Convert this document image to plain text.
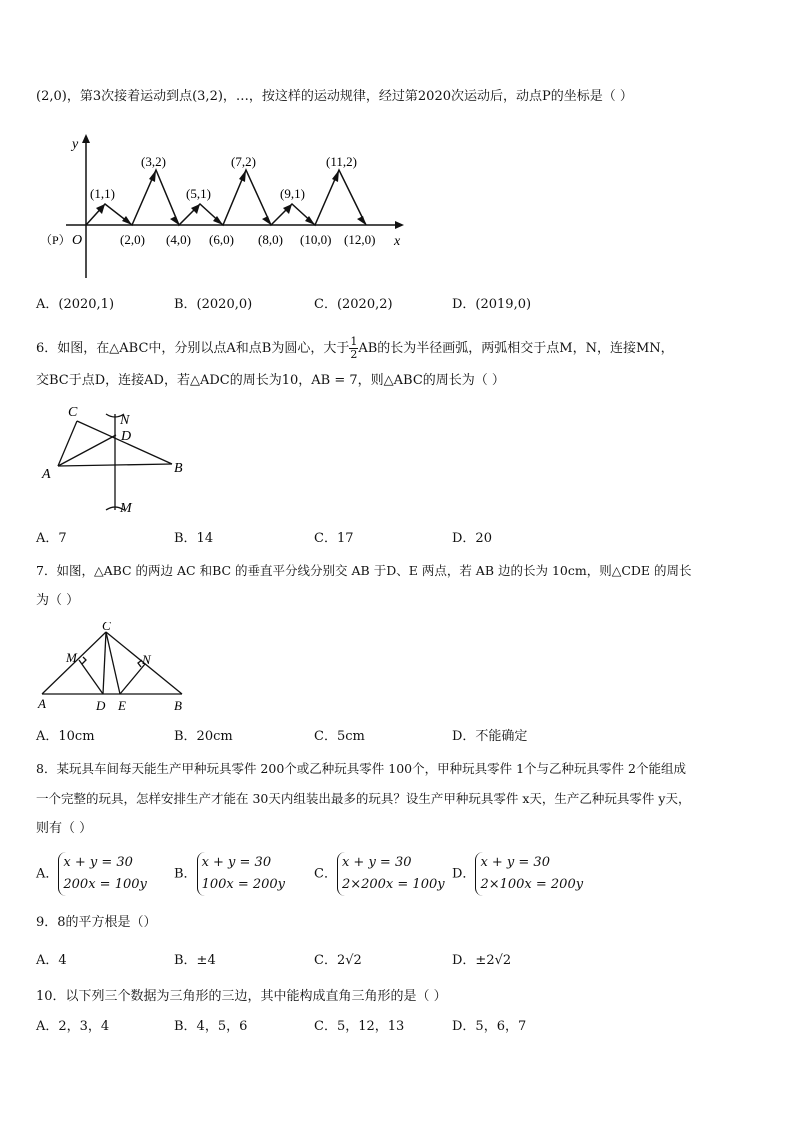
(2,0)，第3次接着运动到点(3,2)，…，按这样的运动规律，经过第2020次运动后，动点P的坐标是（ ）
y
x
（P） O
(1,1)
(3,2)
(5,1)
(7,2)
(9,1)
(11,2)
(2,0) (4,0) (6,0) (8,0) (10,0) (12,0)
A．(2020,1)	B．(2020,0)	C．(2020,2)	D．(2019,0)
6．如图，在△ABC中，分别以点A和点B为圆心，大于 $\frac{1}{2}$ AB的长为半径画弧，两弧相交于点M，N，连接MN，
交BC于点D，连接AD，若△ADC的周长为10，AB = 7，则△ABC的周长为（ ）
C
N
D
A	B
M
A．7	B．14	C．17	D．20
7．如图，△ABC 的两边 AC 和BC 的垂直平分线分别交 AB 于D、E 两点，若 AB 边的长为 10cm，则△CDE 的周长
为（ ）
C
M	N
A	D E	B
A．10cm	B．20cm	C．5cm	D．不能确定
8．某玩具车间每天能生产甲种玩具零件 200个或乙种玩具零件 100个，甲种玩具零件 1个与乙种玩具零件 2个能组成
一个完整的玩具，怎样安排生产才能在 30天内组装出最多的玩具？设生产甲种玩具零件 x天，生产乙种玩具零件 y天，
则有（ ）
A．
x + y = 30
200x = 100y
B．
x + y = 30
100x = 200y
C．
x + y = 30
2×200x = 100y
D．
x + y = 30
2×100x = 200y
9．8的平方根是（）
A．4	B．±4	C．2√2	D．±2√2
10．以下列三个数据为三角形的三边，其中能构成直角三角形的是（ ）
A．2，3，4	B．4，5，6	C．5，12，13	D．5，6，7
